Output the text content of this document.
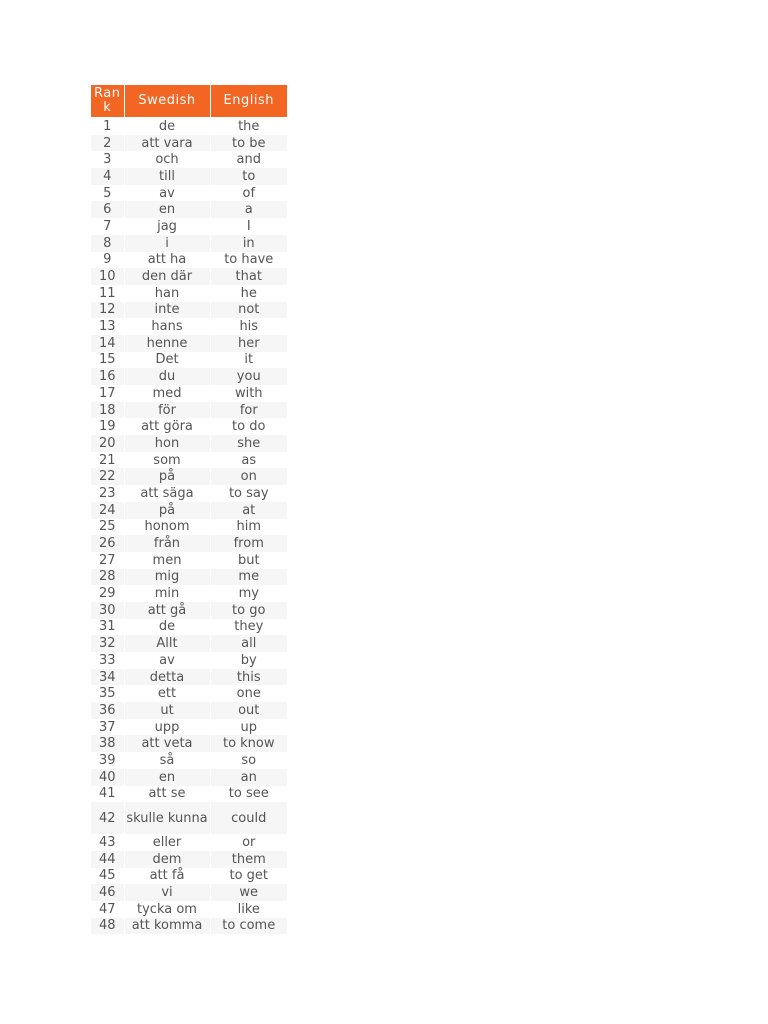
Rank	Swedish	English
1	de	the
2	att vara	to be
3	och	and
4	till	to
5	av	of
6	en	a
7	jag	I
8	i	in
9	att ha	to have
10	den där	that
11	han	he
12	inte	not
13	hans	his
14	henne	her
15	Det	it
16	du	you
17	med	with
18	för	for
19	att göra	to do
20	hon	she
21	som	as
22	på	on
23	att säga	to say
24	på	at
25	honom	him
26	från	from
27	men	but
28	mig	me
29	min	my
30	att gå	to go
31	de	they
32	Allt	all
33	av	by
34	detta	this
35	ett	one
36	ut	out
37	upp	up
38	att veta	to know
39	så	so
40	en	an
41	att se	to see
42	skulle kunna	could
43	eller	or
44	dem	them
45	att få	to get
46	vi	we
47	tycka om	like
48	att komma	to come
